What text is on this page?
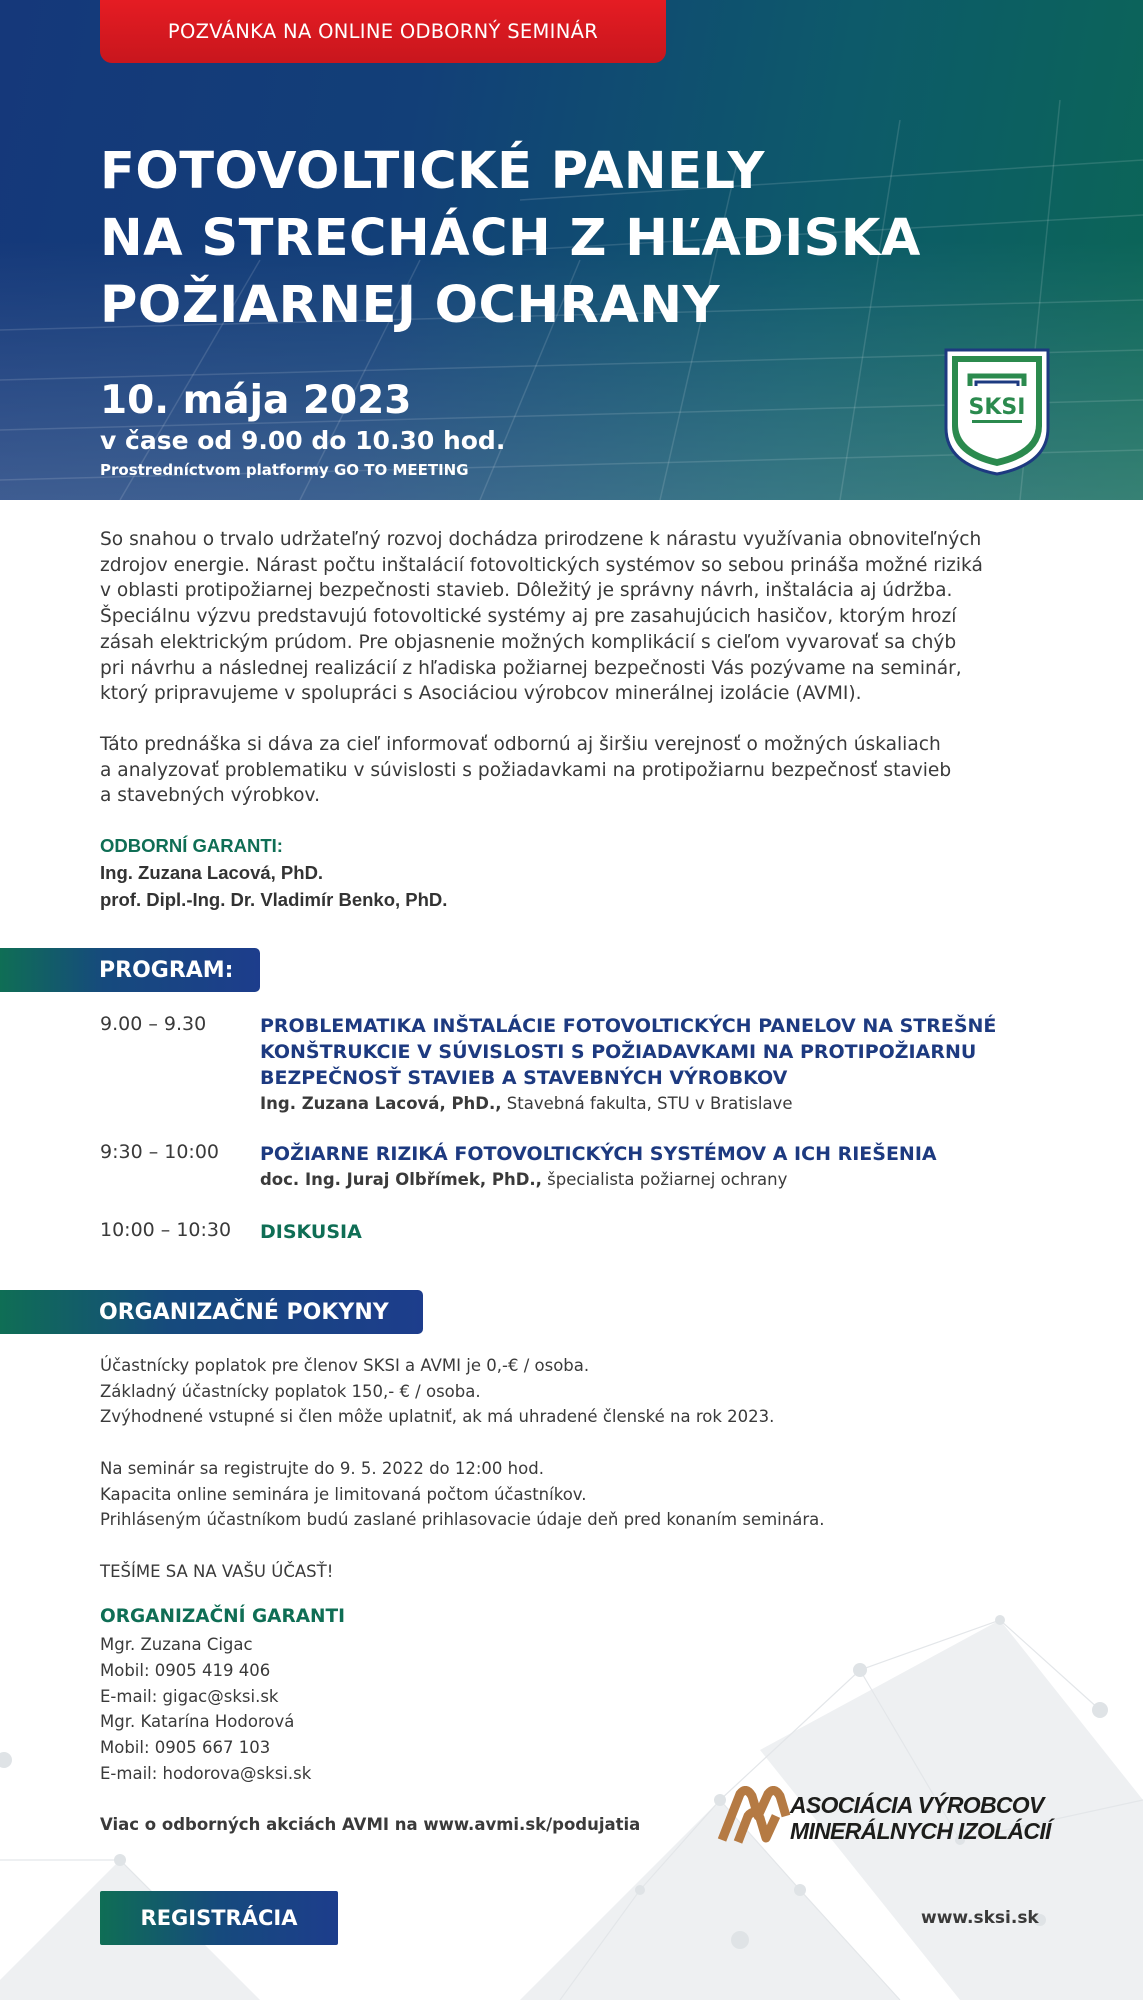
POZVÁNKA NA ONLINE ODBORNÝ SEMINÁR
FOTOVOLTICKÉ PANELY
NA STRECHÁCH Z HĽADISKA
POŽIARNEJ OCHRANY
10. mája 2023
v čase od 9.00 do 10.30 hod.
Prostredníctvom platformy GO TO MEETING
SKSI

So snahou o trvalo udržateľný rozvoj dochádza prirodzene k nárastu využívania obnoviteľných
zdrojov energie. Nárast počtu inštalácií fotovoltických systémov so sebou prináša možné riziká
v oblasti protipožiarnej bezpečnosti stavieb. Dôležitý je správny návrh, inštalácia aj údržba.
Špeciálnu výzvu predstavujú fotovoltické systémy aj pre zasahujúcich hasičov, ktorým hrozí
zásah elektrickým prúdom. Pre objasnenie možných komplikácií s cieľom vyvarovať sa chýb
pri návrhu a následnej realizácií z hľadiska požiarnej bezpečnosti Vás pozývame na seminár,
ktorý pripravujeme v spolupráci s Asociáciou výrobcov minerálnej izolácie (AVMI).

Táto prednáška si dáva za cieľ informovať odbornú aj širšiu verejnosť o možných úskaliach
a analyzovať problematiku v súvislosti s požiadavkami na protipožiarnu bezpečnosť stavieb
a stavebných výrobkov.

ODBORNÍ GARANTI:
Ing. Zuzana Lacová, PhD.
prof. Dipl.-Ing. Dr. Vladimír Benko, PhD.
PROGRAM:
9.00 – 9.30	PROBLEMATIKA INŠTALÁCIE FOTOVOLTICKÝCH PANELOV NA STREŠNÉ
KONŠTRUKCIE V SÚVISLOSTI S POŽIADAVKAMI NA PROTIPOŽIARNU
BEZPEČNOSŤ STAVIEB A STAVEBNÝCH VÝROBKOV
Ing. Zuzana Lacová, PhD., Stavebná fakulta, STU v Bratislave
9:30 – 10:00 POŽIARNE RIZIKÁ FOTOVOLTICKÝCH SYSTÉMOV A ICH RIEŠENIA
doc. Ing. Juraj Olbřímek, PhD., špecialista požiarnej ochrany
10:00 – 10:30 DISKUSIA
ORGANIZAČNÉ POKYNY
Účastnícky poplatok pre členov SKSI a AVMI je 0,-€ / osoba.
Základný účastnícky poplatok 150,- € / osoba.
Zvýhodnené vstupné si člen môže uplatniť, ak má uhradené členské na rok 2023.
Na seminár sa registrujte do 9. 5. 2022 do 12:00 hod.
Kapacita online seminára je limitovaná počtom účastníkov.
Prihláseným účastníkom budú zaslané prihlasovacie údaje deň pred konaním seminára.
TEŠÍME SA NA VAŠU ÚČASŤ!
ORGANIZAČNÍ GARANTI
Mgr. Zuzana Cigac
Mobil: 0905 419 406
E-mail: gigac@sksi.sk
Mgr. Katarína Hodorová
Mobil: 0905 667 103
E-mail: hodorova@sksi.sk
Viac o odborných akciách AVMI na www.avmi.sk/podujatia
ASOCIÁCIA VÝROBCOV
MINERÁLNYCH IZOLÁCIÍ
REGISTRÁCIA	www.sksi.sk
